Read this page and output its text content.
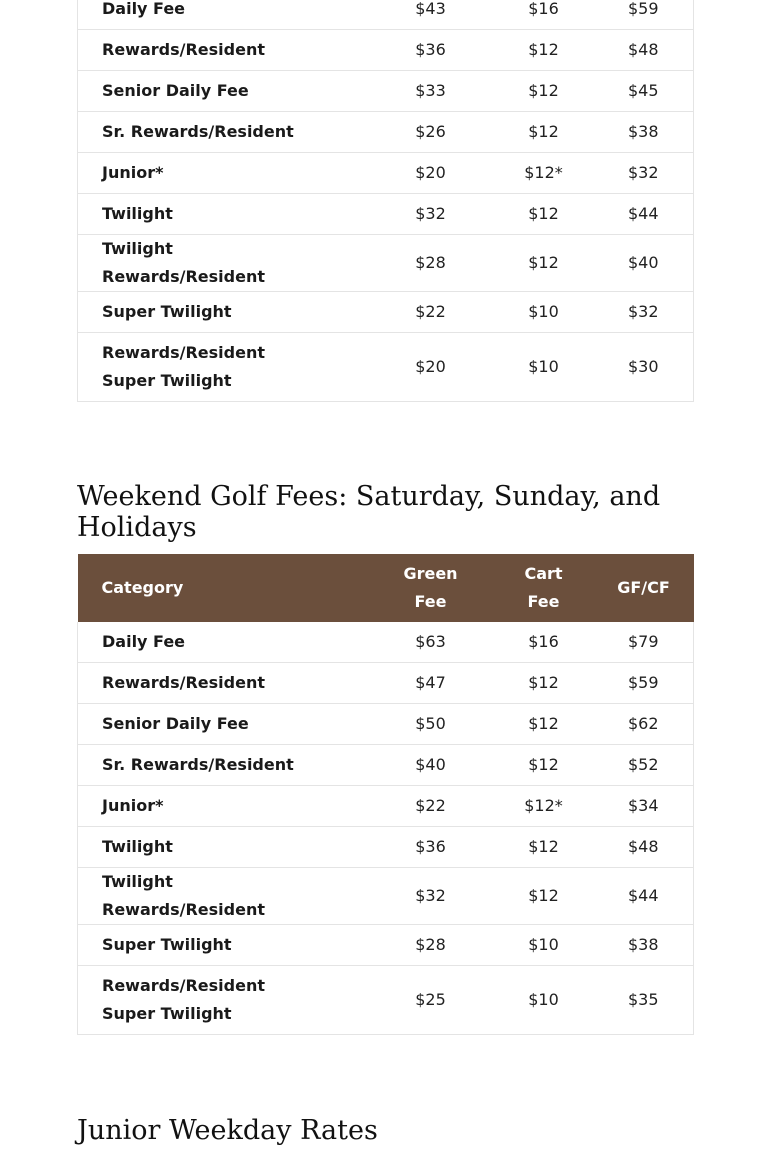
Daily Fee	$43	$16	$59
Rewards/Resident	$36	$12	$48
Senior Daily Fee	$33	$12	$45
Sr. Rewards/Resident	$26	$12	$38
Junior*	$20	$12*	$32
Twilight	$32	$12	$44
Twilight Rewards/Resident	$28	$12	$40
Super Twilight	$22	$10	$32
Rewards/Resident Super Twilight	$20	$10	$30
Weekend Golf Fees: Saturday, Sunday, and Holidays
Category	Green Fee	Cart Fee	GF/CF
Daily Fee	$63	$16	$79
Rewards/Resident	$47	$12	$59
Senior Daily Fee	$50	$12	$62
Sr. Rewards/Resident	$40	$12	$52
Junior*	$22	$12*	$34
Twilight	$36	$12	$48
Twilight Rewards/Resident	$32	$12	$44
Super Twilight	$28	$10	$38
Rewards/Resident Super Twilight	$25	$10	$35
Junior Weekday Rates
